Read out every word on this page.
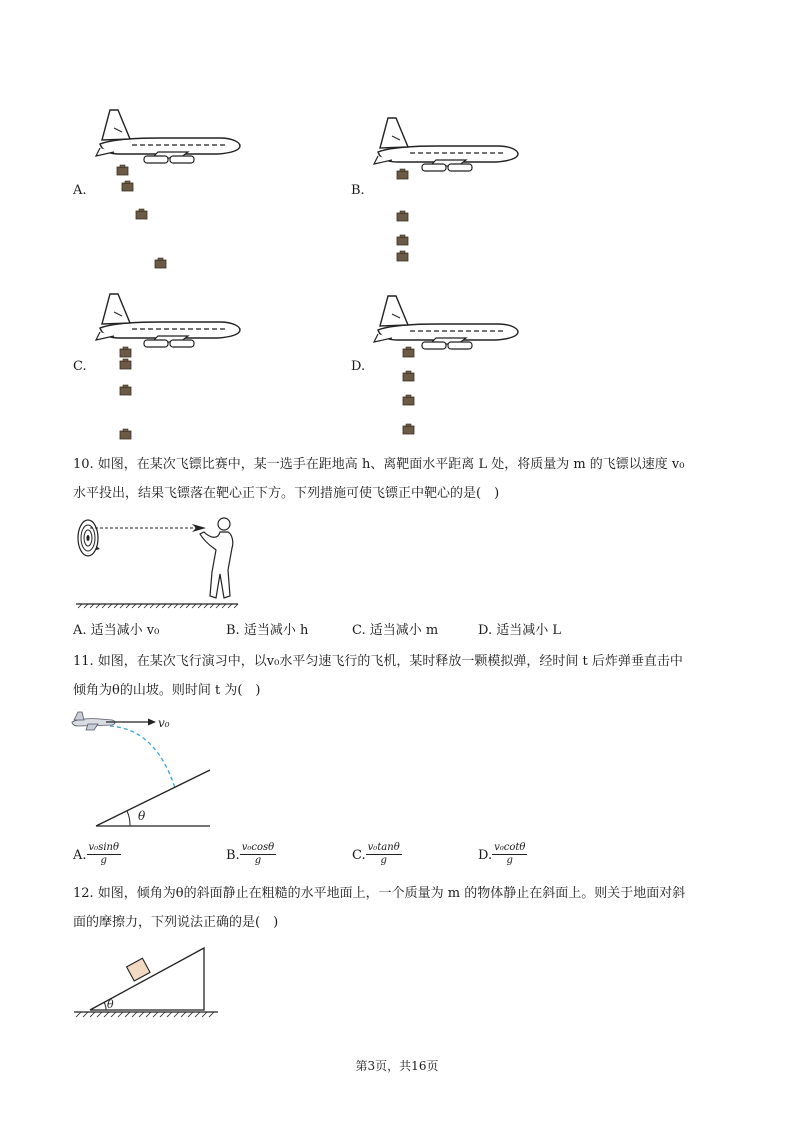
A.	B.
C.	D.
10. 如图，在某次飞镖比赛中，某一选手在距地高 h、离靶面水平距离 L 处，将质量为 m 的飞镖以速度 v₀
水平投出，结果飞镖落在靶心正下方。下列措施可使飞镖正中靶心的是(　)
A. 适当减小 v₀	B. 适当减小 h	C. 适当减小 m	D. 适当减小 L
11. 如图，在某次飞行演习中，以v₀水平匀速飞行的飞机，某时释放一颗模拟弹，经时间 t 后炸弹垂直击中
倾角为θ的山坡。则时间 t 为(　)
v₀
θ
A. $\frac{\text{v₀sinθ}}{g}$	B. $\frac{\text{v₀cosθ}}{g}$	C. $\frac{\text{v₀tanθ}}{g}$	D. $\frac{\text{v₀cotθ}}{g}$
12. 如图，倾角为θ的斜面静止在粗糙的水平地面上，一个质量为 m 的物体静止在斜面上。则关于地面对斜
面的摩擦力，下列说法正确的是(　)
θ
第3页，共16页
